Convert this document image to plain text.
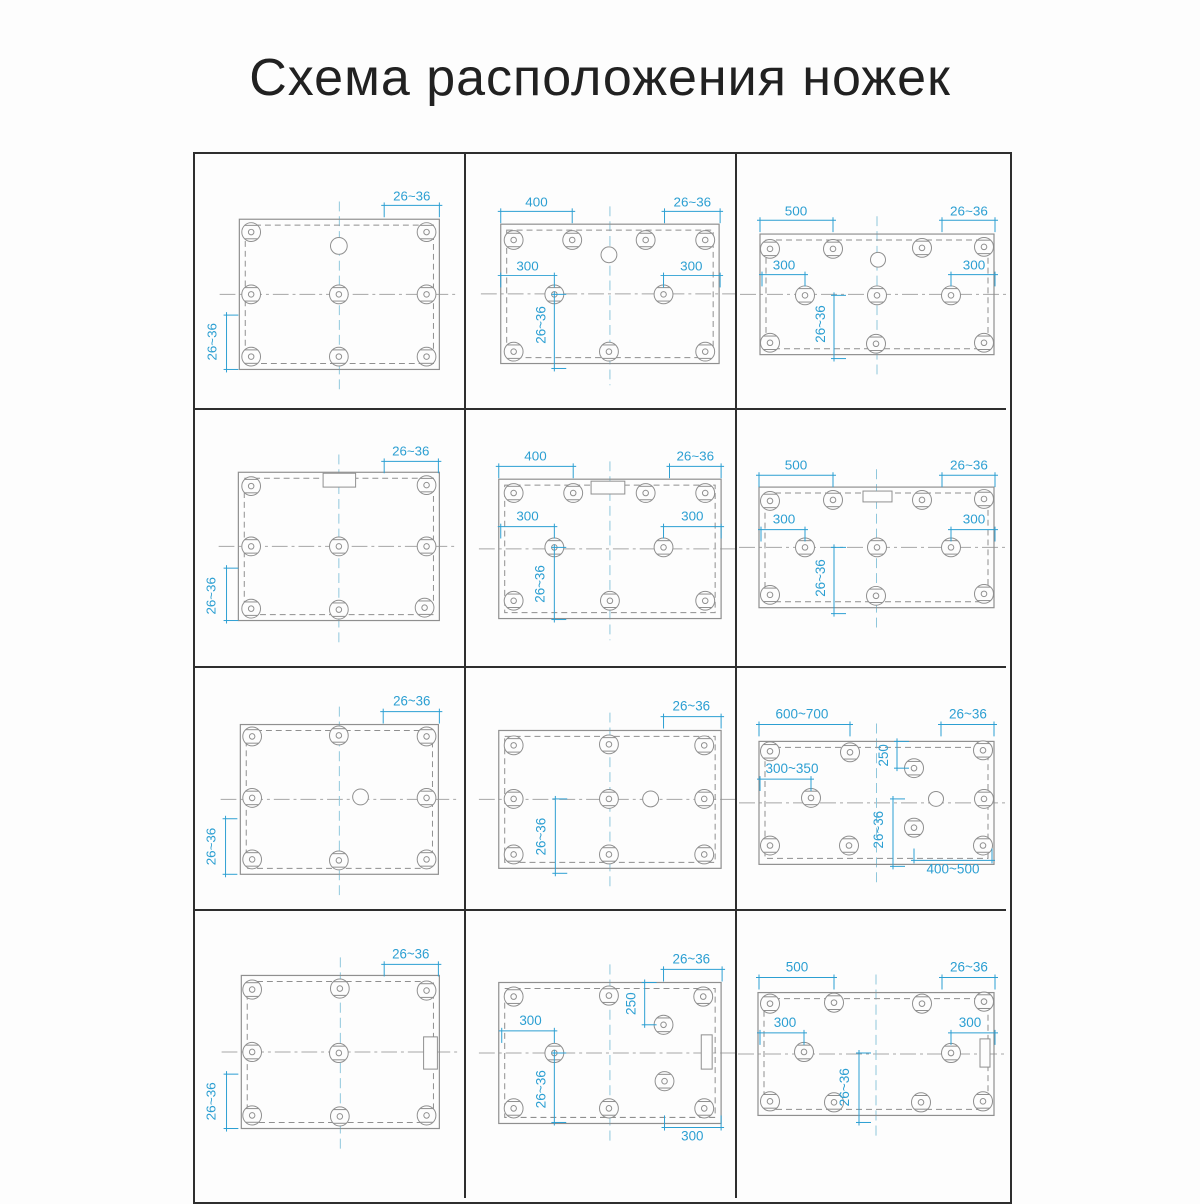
Схема расположения ножек
26~36
26~36
400	26~36
300	300
26~36
500	26~36
300	300
26~36
26~36
26~36
400	26~36
300	300
26~36
500	26~36
300	300
26~36
26~36
26~36
26~36
26~36
600~700	26~36
300~350
250
26~36
400~500
26~36
26~36
26~36
250
300
26~36
300
500	26~36
300	300
26~36
